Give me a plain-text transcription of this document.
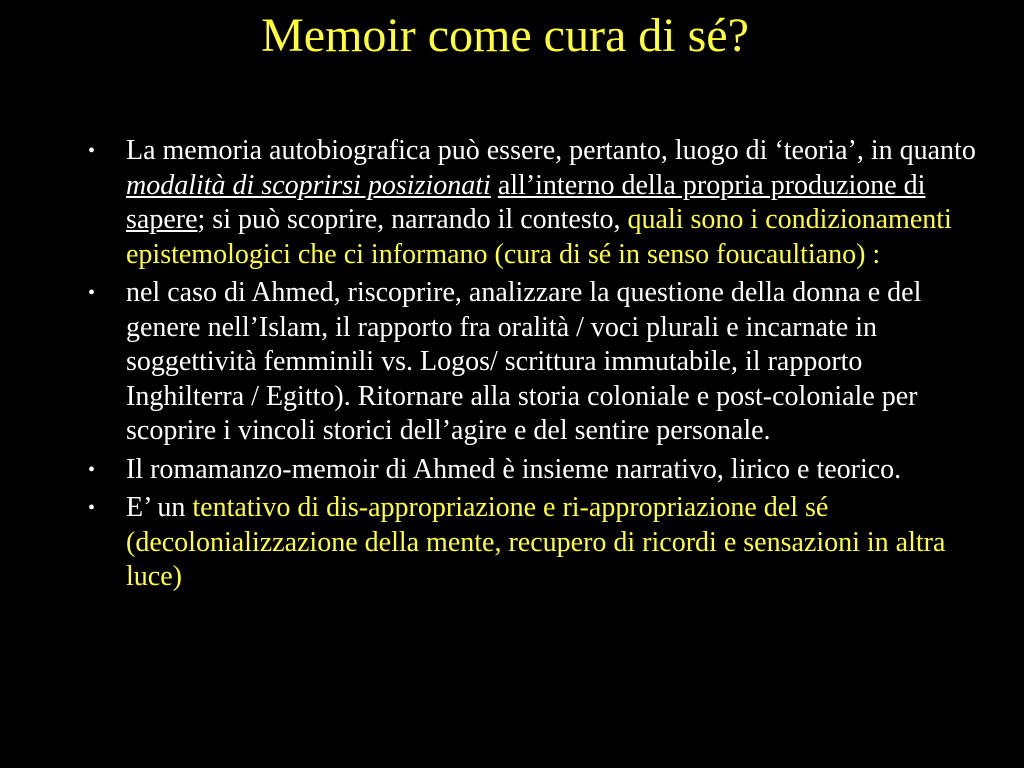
Memoir come cura di sé?
• La memoria autobiografica può essere, pertanto, luogo di ‘teoria’, in quanto modalità di scoprirsi posizionati all’interno della propria produzione di sapere; si può scoprire, narrando il contesto, quali sono i condizionamenti epistemologici che ci informano (cura di sé in senso foucaultiano) :
• nel caso di Ahmed, riscoprire, analizzare la questione della donna e del genere nell’Islam, il rapporto fra oralità / voci plurali e incarnate in soggettività femminili vs. Logos/ scrittura immutabile, il rapporto Inghilterra / Egitto). Ritornare alla storia coloniale e post-coloniale per scoprire i vincoli storici dell’agire e del sentire personale.
• Il romamanzo-memoir di Ahmed è insieme narrativo, lirico e teorico.
• E’ un tentativo di dis-appropriazione e ri-appropriazione del sé (decolonializzazione della mente, recupero di ricordi e sensazioni in altra luce)
